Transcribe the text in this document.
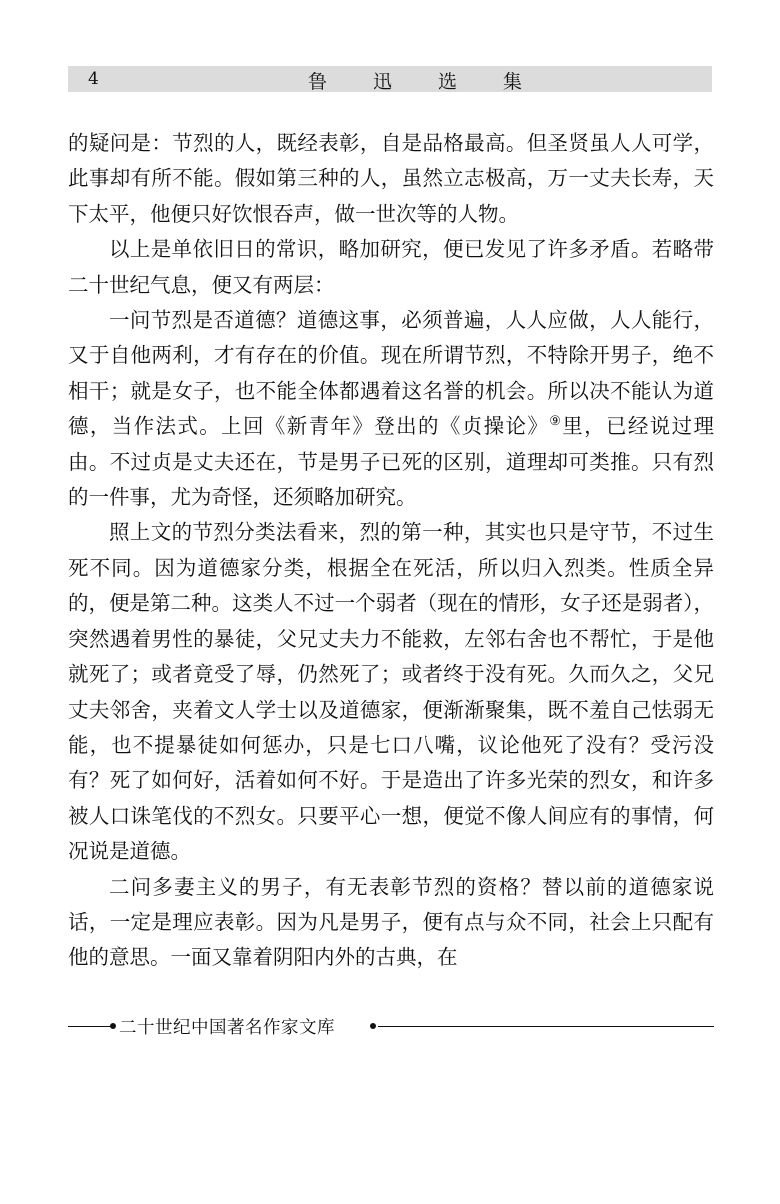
4	鲁迅选集

的疑问是：节烈的人，既经表彰，自是品格最高。但圣贤虽人人可学，此事却有所不能。假如第三种的人，虽然立志极高，万一丈夫长寿，天下太平，他便只好饮恨吞声，做一世次等的人物。

以上是单依旧日的常识，略加研究，便已发见了许多矛盾。若略带二十世纪气息，便又有两层：

一问节烈是否道德？道德这事，必须普遍，人人应做，人人能行，又于自他两利，才有存在的价值。现在所谓节烈，不特除开男子，绝不相干；就是女子，也不能全体都遇着这名誉的机会。所以决不能认为道德，当作法式。上回《新青年》登出的《贞操论》⑨里，已经说过理由。不过贞是丈夫还在，节是男子已死的区别，道理却可类推。只有烈的一件事，尤为奇怪，还须略加研究。

照上文的节烈分类法看来，烈的第一种，其实也只是守节，不过生死不同。因为道德家分类，根据全在死活，所以归入烈类。性质全异的，便是第二种。这类人不过一个弱者（现在的情形，女子还是弱者），突然遇着男性的暴徒，父兄丈夫力不能救，左邻右舍也不帮忙，于是他就死了；或者竟受了辱，仍然死了；或者终于没有死。久而久之，父兄丈夫邻舍，夹着文人学士以及道德家，便渐渐聚集，既不羞自己怯弱无能，也不提暴徒如何惩办，只是七口八嘴，议论他死了没有？受污没有？死了如何好，活着如何不好。于是造出了许多光荣的烈女，和许多被人口诛笔伐的不烈女。只要平心一想，便觉不像人间应有的事情，何况说是道德。

二问多妻主义的男子，有无表彰节烈的资格？替以前的道德家说话，一定是理应表彰。因为凡是男子，便有点与众不同，社会上只配有他的意思。一面又靠着阴阳内外的古典，在

二十世纪中国著名作家文库
